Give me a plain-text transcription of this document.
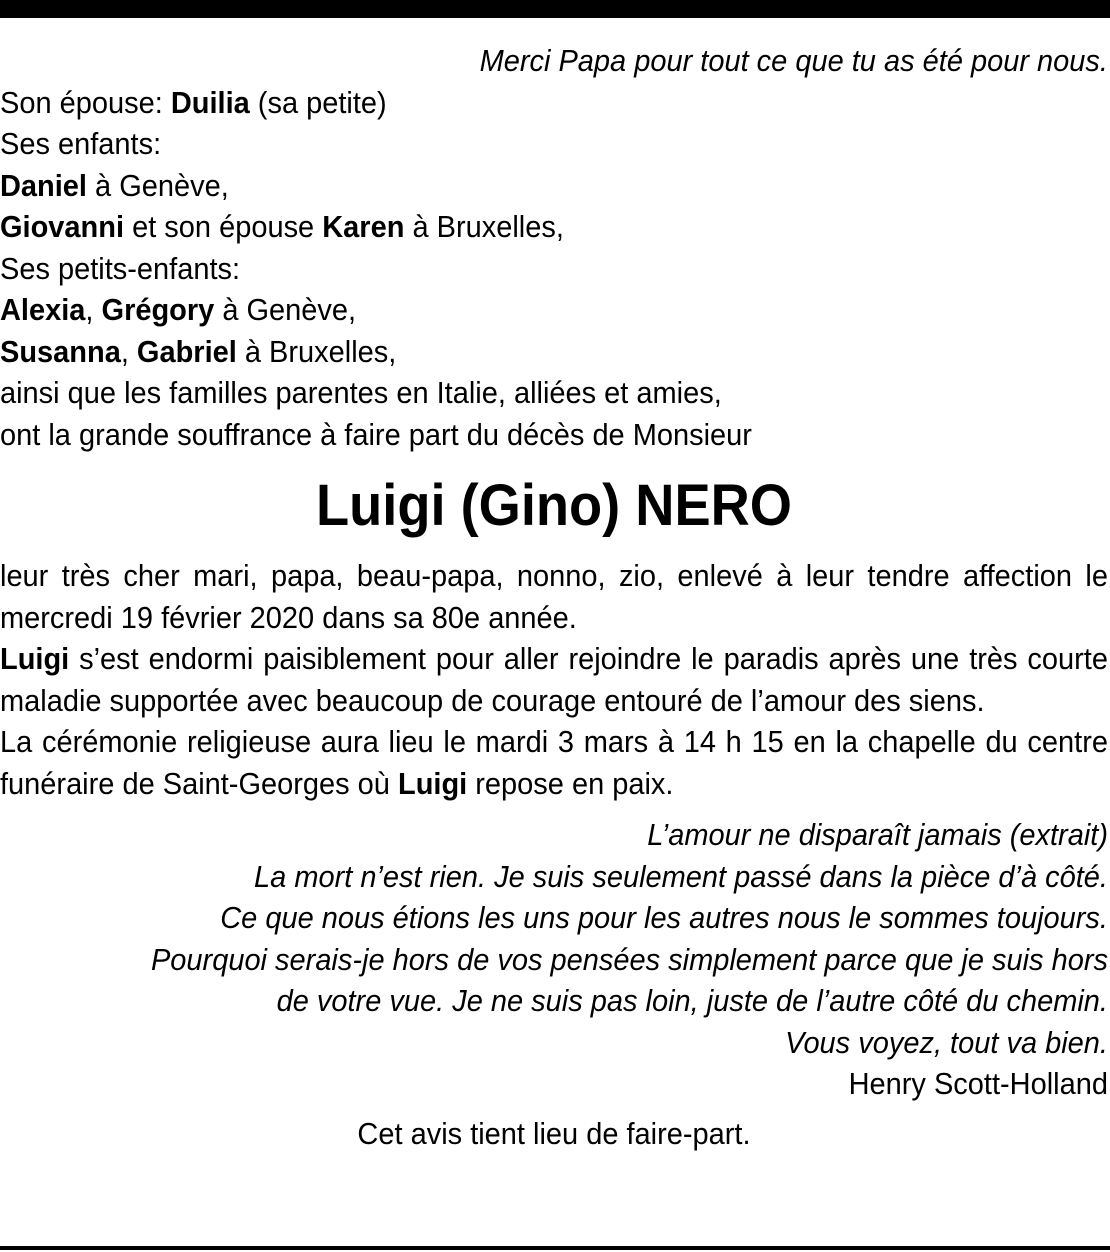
Merci Papa pour tout ce que tu as été pour nous.

Son épouse: Duilia (sa petite)

Ses enfants:

Daniel à Genève,

Giovanni et son épouse Karen à Bruxelles,

Ses petits-enfants:

Alexia, Grégory à Genève,

Susanna, Gabriel à Bruxelles,

ainsi que les familles parentes en Italie, alliées et amies,

ont la grande souffrance à faire part du décès de Monsieur

Luigi (Gino) NERO

leur très cher mari, papa, beau-papa, nonno, zio, enlevé à leur tendre affection le mercredi 19 février 2020 dans sa 80e année.

Luigi s’est endormi paisiblement pour aller rejoindre le paradis après une très courte maladie supportée avec beaucoup de courage entouré de l’amour des siens.

La cérémonie religieuse aura lieu le mardi 3 mars à 14 h 15 en la chapelle du centre funéraire de Saint-Georges où Luigi repose en paix.

L’amour ne disparaît jamais (extrait)

La mort n’est rien. Je suis seulement passé dans la pièce d’à côté.

Ce que nous étions les uns pour les autres nous le sommes toujours.

Pourquoi serais-je hors de vos pensées simplement parce que je suis hors

de votre vue. Je ne suis pas loin, juste de l’autre côté du chemin.

Vous voyez, tout va bien.

Henry Scott-Holland

Cet avis tient lieu de faire-part.
